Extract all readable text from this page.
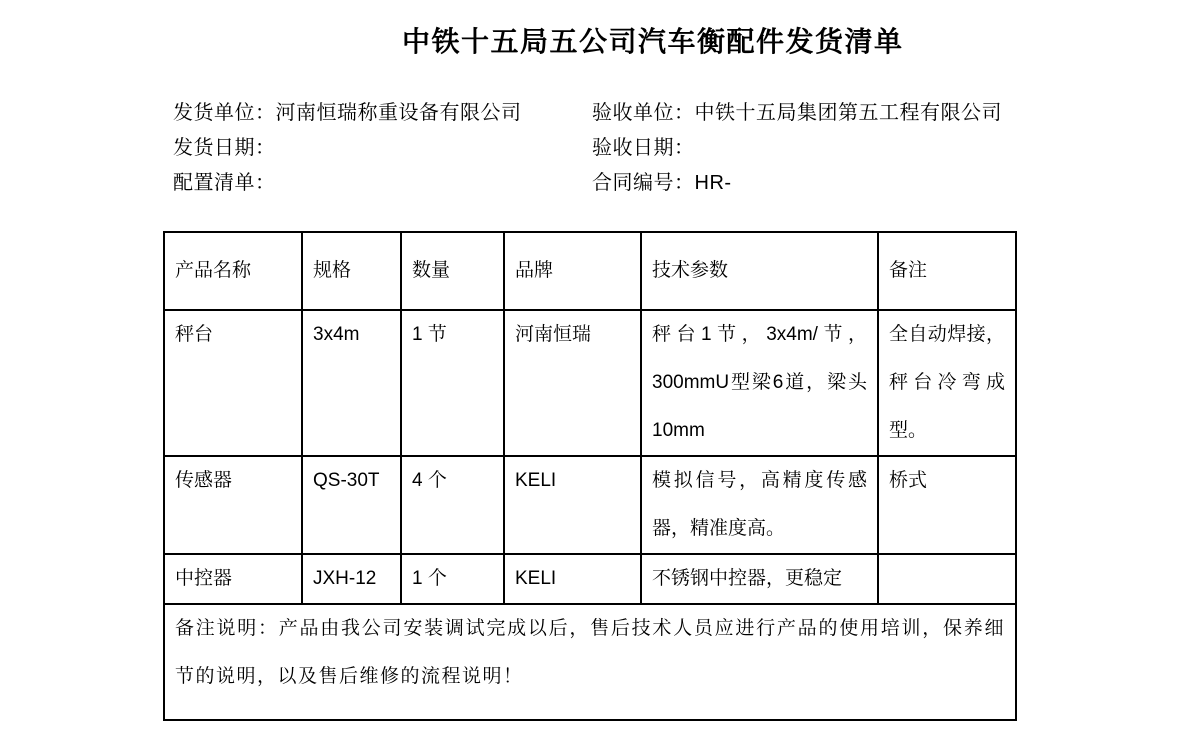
中铁十五局五公司汽车衡配件发货清单
发货单位：河南恒瑞称重设备有限公司
发货日期：
配置清单：
验收单位：中铁十五局集团第五工程有限公司
验收日期：
合同编号：HR-
产品名称	规格	数量	品牌	技术参数	备注
秤台	3x4m	1 节	河南恒瑞	秤台1节，3x4m/节，300mmU型梁6道，梁头10mm	全自动焊接，秤台冷弯成型。
传感器	QS-30T	4 个	KELI	模拟信号，高精度传感器，精准度高。	桥式
中控器	JXH-12	1 个	KELI	不锈钢中控器，更稳定	
备注说明：产品由我公司安装调试完成以后，售后技术人员应进行产品的使用培训，保养细节的说明，以及售后维修的流程说明！					
